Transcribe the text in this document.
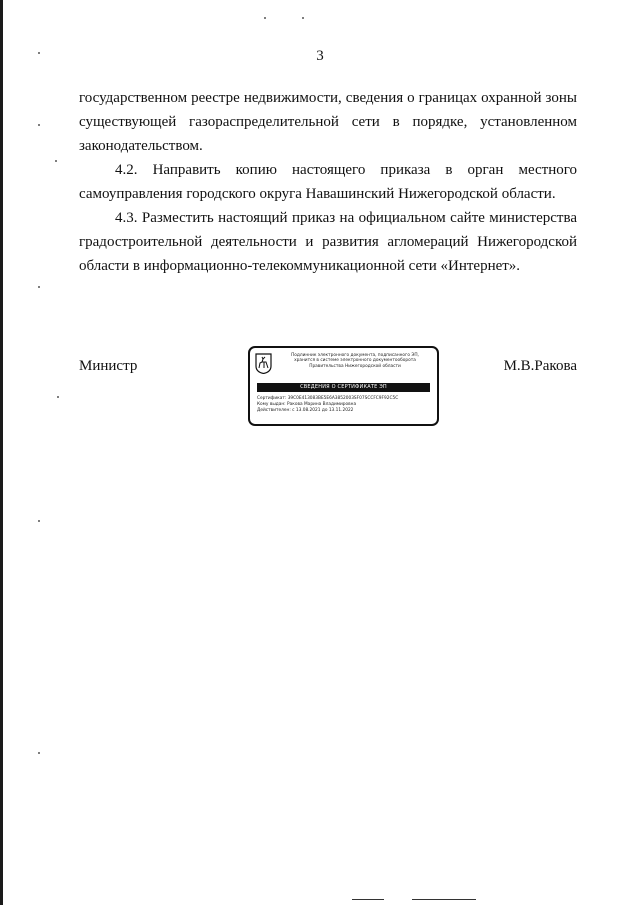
3

государственном реестре недвижимости, сведения о границах охранной зоны

существующей газораспределительной сети в порядке, установленном

законодательством.

4.2. Направить копию настоящего приказа в орган местного

самоуправления городского округа Навашинский Нижегородской области.

4.3. Разместить настоящий приказ на официальном сайте министерства

градостроительной деятельности и развития агломераций Нижегородской

области в информационно-телекоммуникационной сети «Интернет».

Министр	М.В.Ракова
Подлинник электронного документа, подписанного ЭП,
хранится в системе электронного документооборота
Правительства Нижегородской области
СВЕДЕНИЯ О СЕРТИФИКАТЕ ЭП
Сертификат: 39C0E413083BE5E6A3852003SF07SCCFC9F92C5C
Кому выдан: Ракова Марина Владимировна
Действителен: с 13.08.2021 до 13.11.2022
